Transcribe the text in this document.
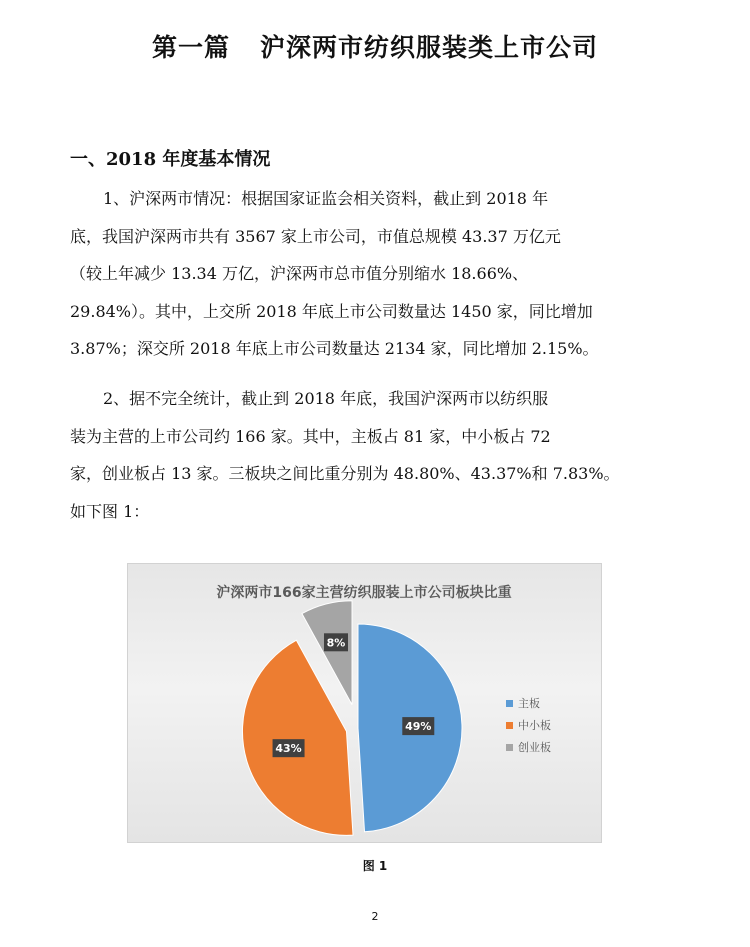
第一篇 沪深两市纺织服装类上市公司
一、2018 年度基本情况
1、沪深两市情况：根据国家证监会相关资料，截止到 2018 年
底，我国沪深两市共有 3567 家上市公司，市值总规模 43.37 万亿元
（较上年减少 13.34 万亿，沪深两市总市值分别缩水 18.66%、
29.84%）。其中，上交所 2018 年底上市公司数量达 1450 家，同比增加
3.87%；深交所 2018 年底上市公司数量达 2134 家，同比增加 2.15%。
2、据不完全统计，截止到 2018 年底，我国沪深两市以纺织服
装为主营的上市公司约 166 家。其中，主板占 81 家，中小板占 72
家，创业板占 13 家。三板块之间比重分别为 48.80%、43.37%和 7.83%。
如下图 1：
沪深两市166家主营纺织服装上市公司板块比重
49%
43%
8%
主板
中小板
创业板
图 1
2
